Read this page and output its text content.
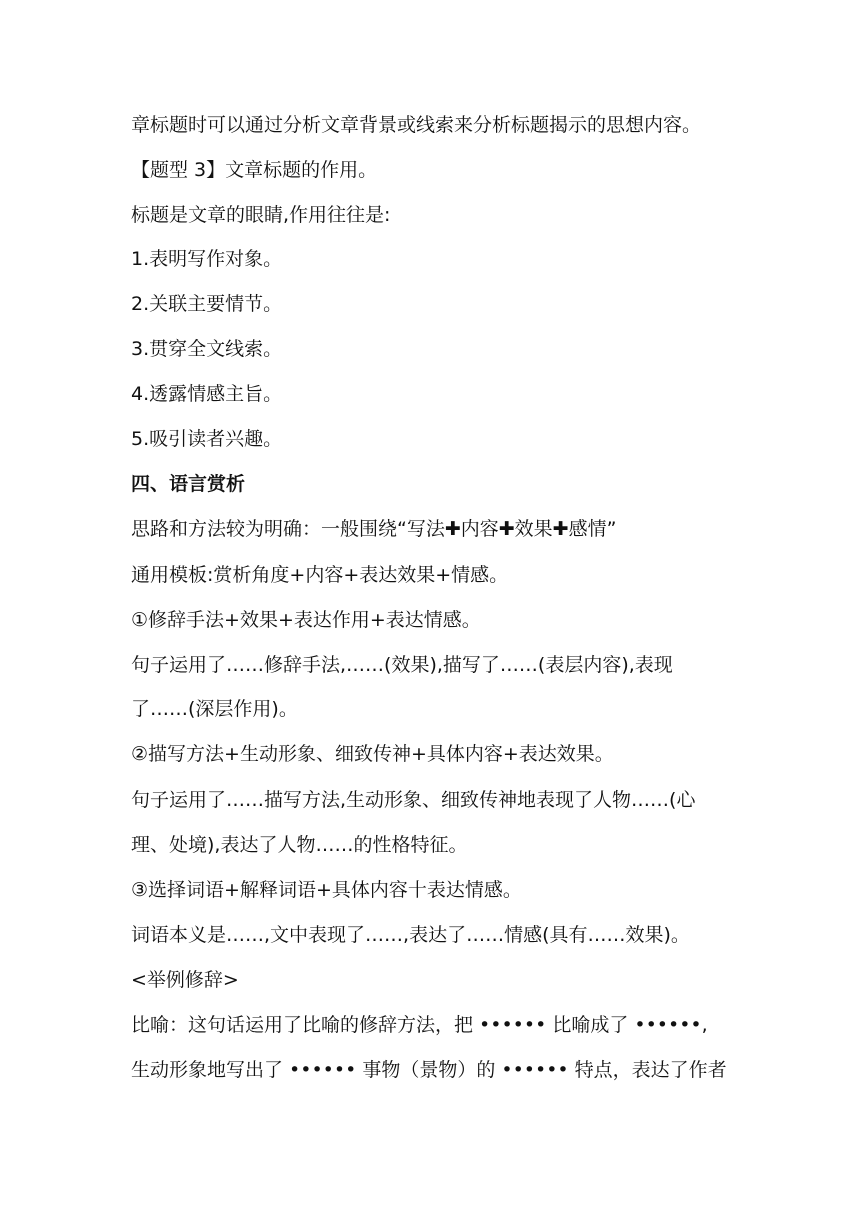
章标题时可以通过分析文章背景或线索来分析标题揭示的思想内容。
【题型 3】文章标题的作用。
标题是文章的眼睛,作用往往是:
1.表明写作对象。
2.关联主要情节。
3.贯穿全文线索。
4.透露情感主旨。
5.吸引读者兴趣。
四、语言赏析
思路和方法较为明确：一般围绕“写法✚内容✚效果✚感情”
通用模板:赏析角度+内容+表达效果+情感。
①修辞手法+效果+表达作用+表达情感。
句子运用了……修辞手法,……(效果),描写了……(表层内容),表现
了……(深层作用)。
②描写方法+生动形象、细致传神+具体内容+表达效果。
句子运用了……描写方法,生动形象、细致传神地表现了人物……(心
理、处境),表达了人物……的性格特征。
③选择词语+解释词语+具体内容十表达情感。
词语本义是……,文中表现了……,表达了……情感(具有……效果)。
<举例修辞>
比喻：这句话运用了比喻的修辞方法，把 •••••• 比喻成了 ••••••,
生动形象地写出了 •••••• 事物（景物）的 •••••• 特点，表达了作者
